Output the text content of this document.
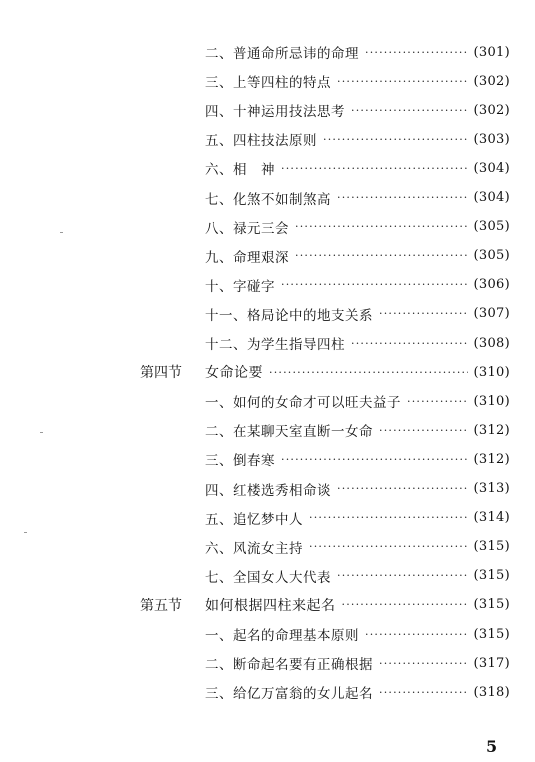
二、普通命所忌讳的命理 ·····	(301)
三、上等四柱的特点 ·····	(302)
四、十神运用技法思考 ·····	(302)
五、四柱技法原则 ·····	(303)
六、相　神 ·····	(304)
七、化煞不如制煞高 ·····	(304)
八、禄元三会 ·····	(305)
九、命理艰深 ·····	(305)
十、字碰字 ·····	(306)
十一、格局论中的地支关系 ·····	(307)
十二、为学生指导四柱 ·····	(308)
第四节 女命论要 ·····	(310)
一、如何的女命才可以旺夫益子 ·····	(310)
二、在某聊天室直断一女命 ·····	(312)
三、倒春寒 ·····	(312)
四、红楼选秀相命谈 ·····	(313)
五、追忆梦中人 ·····	(314)
六、风流女主持 ·····	(315)
七、全国女人大代表 ·····	(315)
第五节 如何根据四柱来起名 ·····	(315)
一、起名的命理基本原则 ·····	(315)
二、断命起名要有正确根据 ·····	(317)
三、给亿万富翁的女儿起名 ·····	(318)
5
